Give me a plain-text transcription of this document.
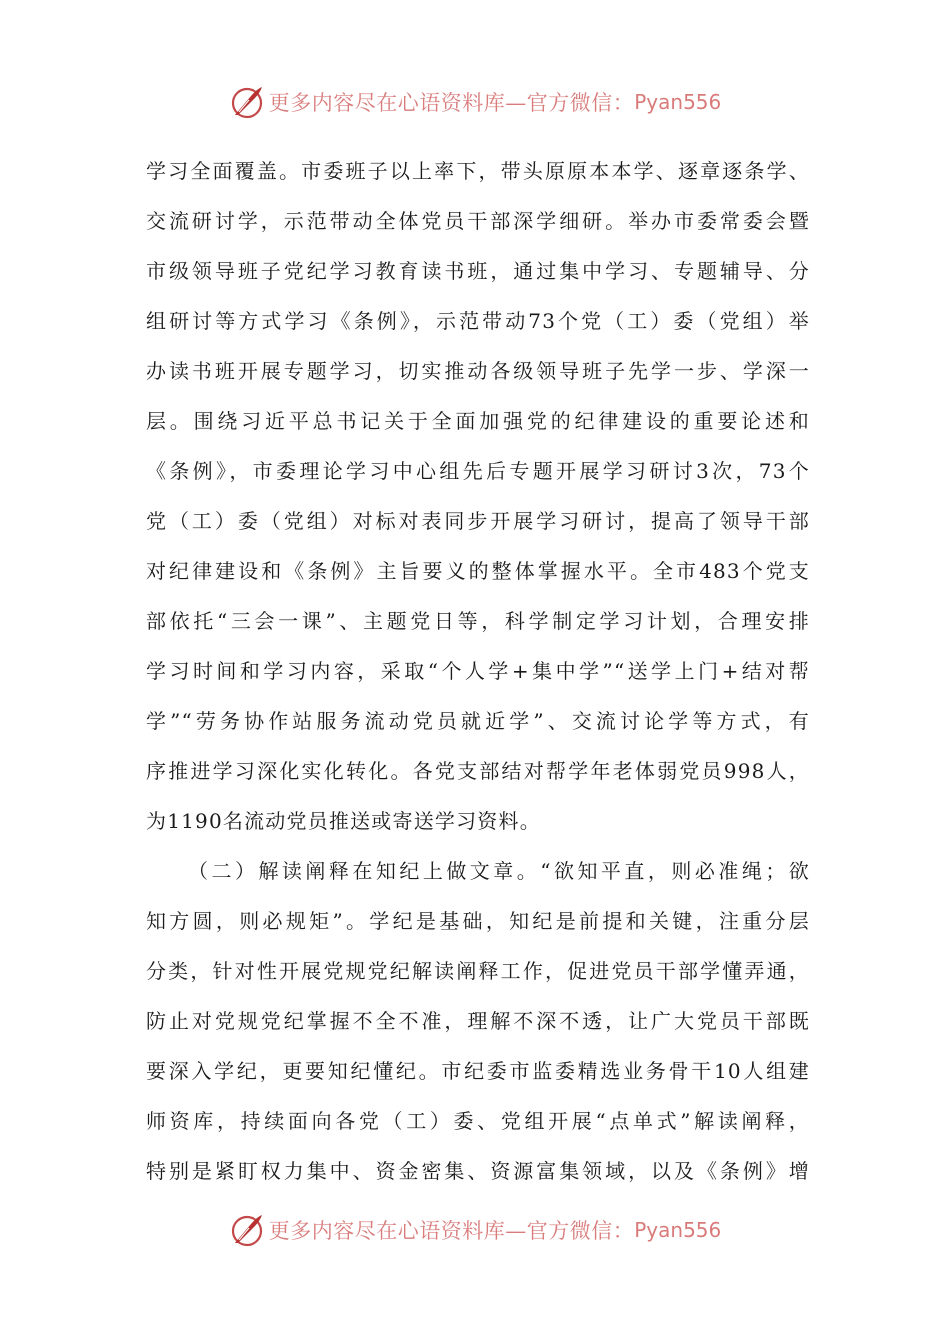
更多内容尽在心语资料库—官方微信： Pyan556
学习全面覆盖。市委班子以上率下，带头原原本本学、逐章逐条学、
交流研讨学，示范带动全体党员干部深学细研。举办市委常委会暨
市级领导班子党纪学习教育读书班，通过集中学习、专题辅导、分
组研讨等方式学习《条例》，示范带动73个党（工）委（党组）举
办读书班开展专题学习，切实推动各级领导班子先学一步、学深一
层。围绕习近平总书记关于全面加强党的纪律建设的重要论述和
《条例》，市委理论学习中心组先后专题开展学习研讨3次，73个
党（工）委（党组）对标对表同步开展学习研讨，提高了领导干部
对纪律建设和《条例》主旨要义的整体掌握水平。全市483个党支
部依托“三会一课”、主题党日等，科学制定学习计划，合理安排
学习时间和学习内容，采取“个人学+集中学”“送学上门+结对帮
学”“劳务协作站服务流动党员就近学”、交流讨论学等方式，有
序推进学习深化实化转化。各党支部结对帮学年老体弱党员998人，
为1190名流动党员推送或寄送学习资料。
（二）解读阐释在知纪上做文章。“欲知平直，则必准绳；欲
知方圆，则必规矩”。学纪是基础，知纪是前提和关键，注重分层
分类，针对性开展党规党纪解读阐释工作，促进党员干部学懂弄通，
防止对党规党纪掌握不全不准，理解不深不透，让广大党员干部既
要深入学纪，更要知纪懂纪。市纪委市监委精选业务骨干10人组建
师资库，持续面向各党（工）委、党组开展“点单式”解读阐释，
特别是紧盯权力集中、资金密集、资源富集领域，以及《条例》增
更多内容尽在心语资料库—官方微信： Pyan556
